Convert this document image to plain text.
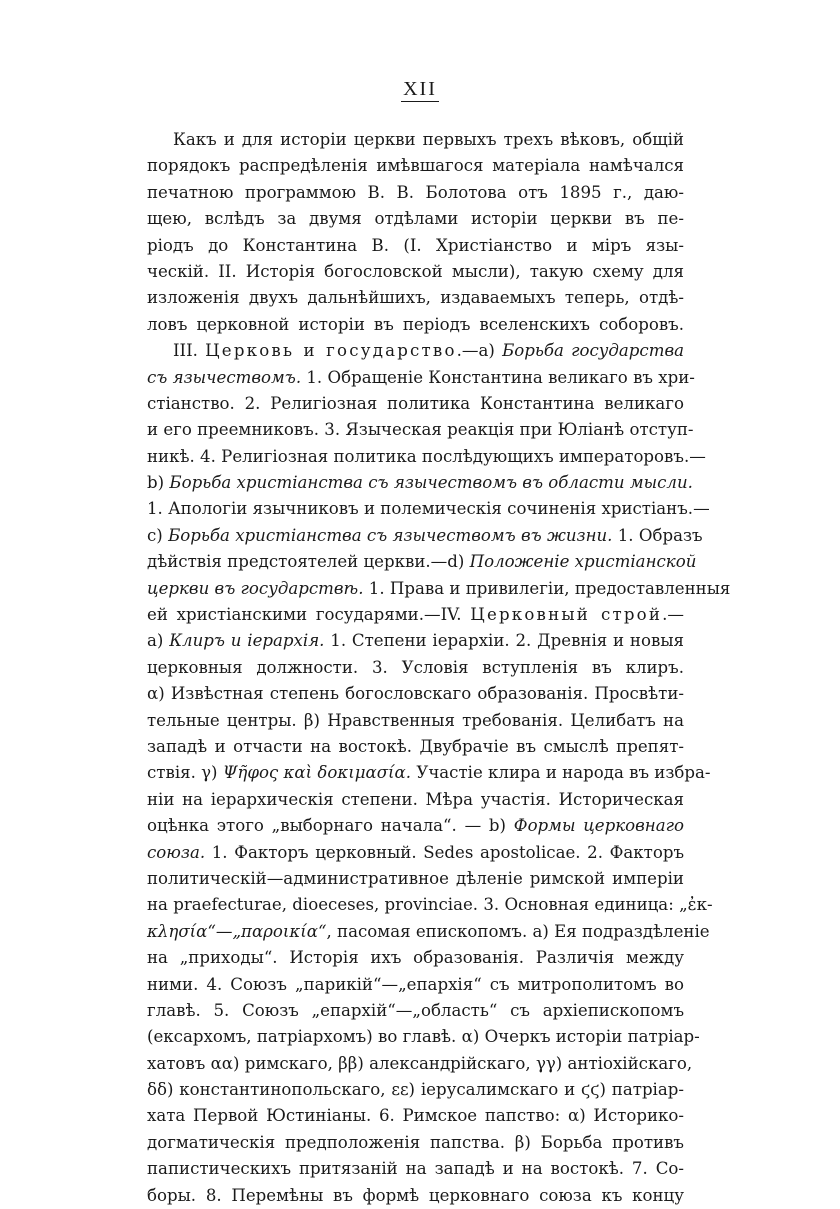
XII
Какъ и для исторіи церкви первыхъ трехъ вѣковъ, общій
порядокъ распредѣленія имѣвшагося матеріала намѣчался
печатною программою В. В. Болотова отъ 1895 г., даю-
щею, вслѣдъ за двумя отдѣлами исторіи церкви въ пе-
ріодъ до Константина В. (I. Христіанство и міръ язы-
ческій. II. Исторія богословской мысли), такую схему для
изложенія двухъ дальнѣйшихъ, издаваемыхъ теперь, отдѣ-
ловъ церковной исторіи въ періодъ вселенскихъ соборовъ.
III. Церковь и государство.—a) Борьба государства
съ язычествомъ. 1. Обращеніе Константина великаго въ хри-
стіанство. 2. Религіозная политика Константина великаго
и его преемниковъ. 3. Языческая реакція при Юліанѣ отступ-
никѣ. 4. Религіозная политика послѣдующихъ императоровъ.—
b) Борьба христіанства съ язычествомъ въ области мысли.
1. Апологіи язычниковъ и полемическія сочиненія христіанъ.—
c) Борьба христіанства съ язычествомъ въ жизни. 1. Образъ
дѣйствія предстоятелей церкви.—d) Положеніе христіанской
церкви въ государствѣ. 1. Права и привилегіи, предоставленныя
ей христіанскими государями.—IV. Церковный строй.—
a) Клиръ и іерархія. 1. Степени іерархіи. 2. Древнія и новыя
церковныя должности. 3. Условія вступленія въ клиръ.
α) Извѣстная степень богословскаго образованія. Просвѣти-
тельные центры. β) Нравственныя требованія. Целибатъ на
западѣ и отчасти на востокѣ. Двубрачіе въ смыслѣ препят-
ствія. γ) Ψῆφος καὶ δοκιμασία. Участіе клира и народа въ избра-
ніи на іерархическія степени. Мѣра участія. Историческая
оцѣнка этого „выборнаго начала“. — b) Формы церковнаго
союза. 1. Факторъ церковный. Sedes apostolicae. 2. Факторъ
политическій—административное дѣленіе римской имперіи
на praefecturae, dioeceses, provinciae. 3. Основная единица: „ἐκ-
κλησία“—„παροικία“, пасомая епископомъ. a) Ея подраздѣленіе
на „приходы“. Исторія ихъ образованія. Различія между
ними. 4. Союзъ „парикій“—„епархія“ съ митрополитомъ во
главѣ. 5. Союзъ „епархій“—„область“ съ архіепископомъ
(ексархомъ, патріархомъ) во главѣ. α) Очеркъ исторіи патріар-
хатовъ αα) римскаго, ββ) александрійскаго, γγ) антіохійскаго,
δδ) константинопольскаго, εε) іерусалимскаго и ϛϛ) патріар-
хата Первой Юстиніаны. 6. Римское папство: α) Историко-
догматическія предположенія папства. β) Борьба противъ
папистическихъ притязаній на западѣ и на востокѣ. 7. Со-
боры. 8. Перемѣны въ формѣ церковнаго союза къ концу
